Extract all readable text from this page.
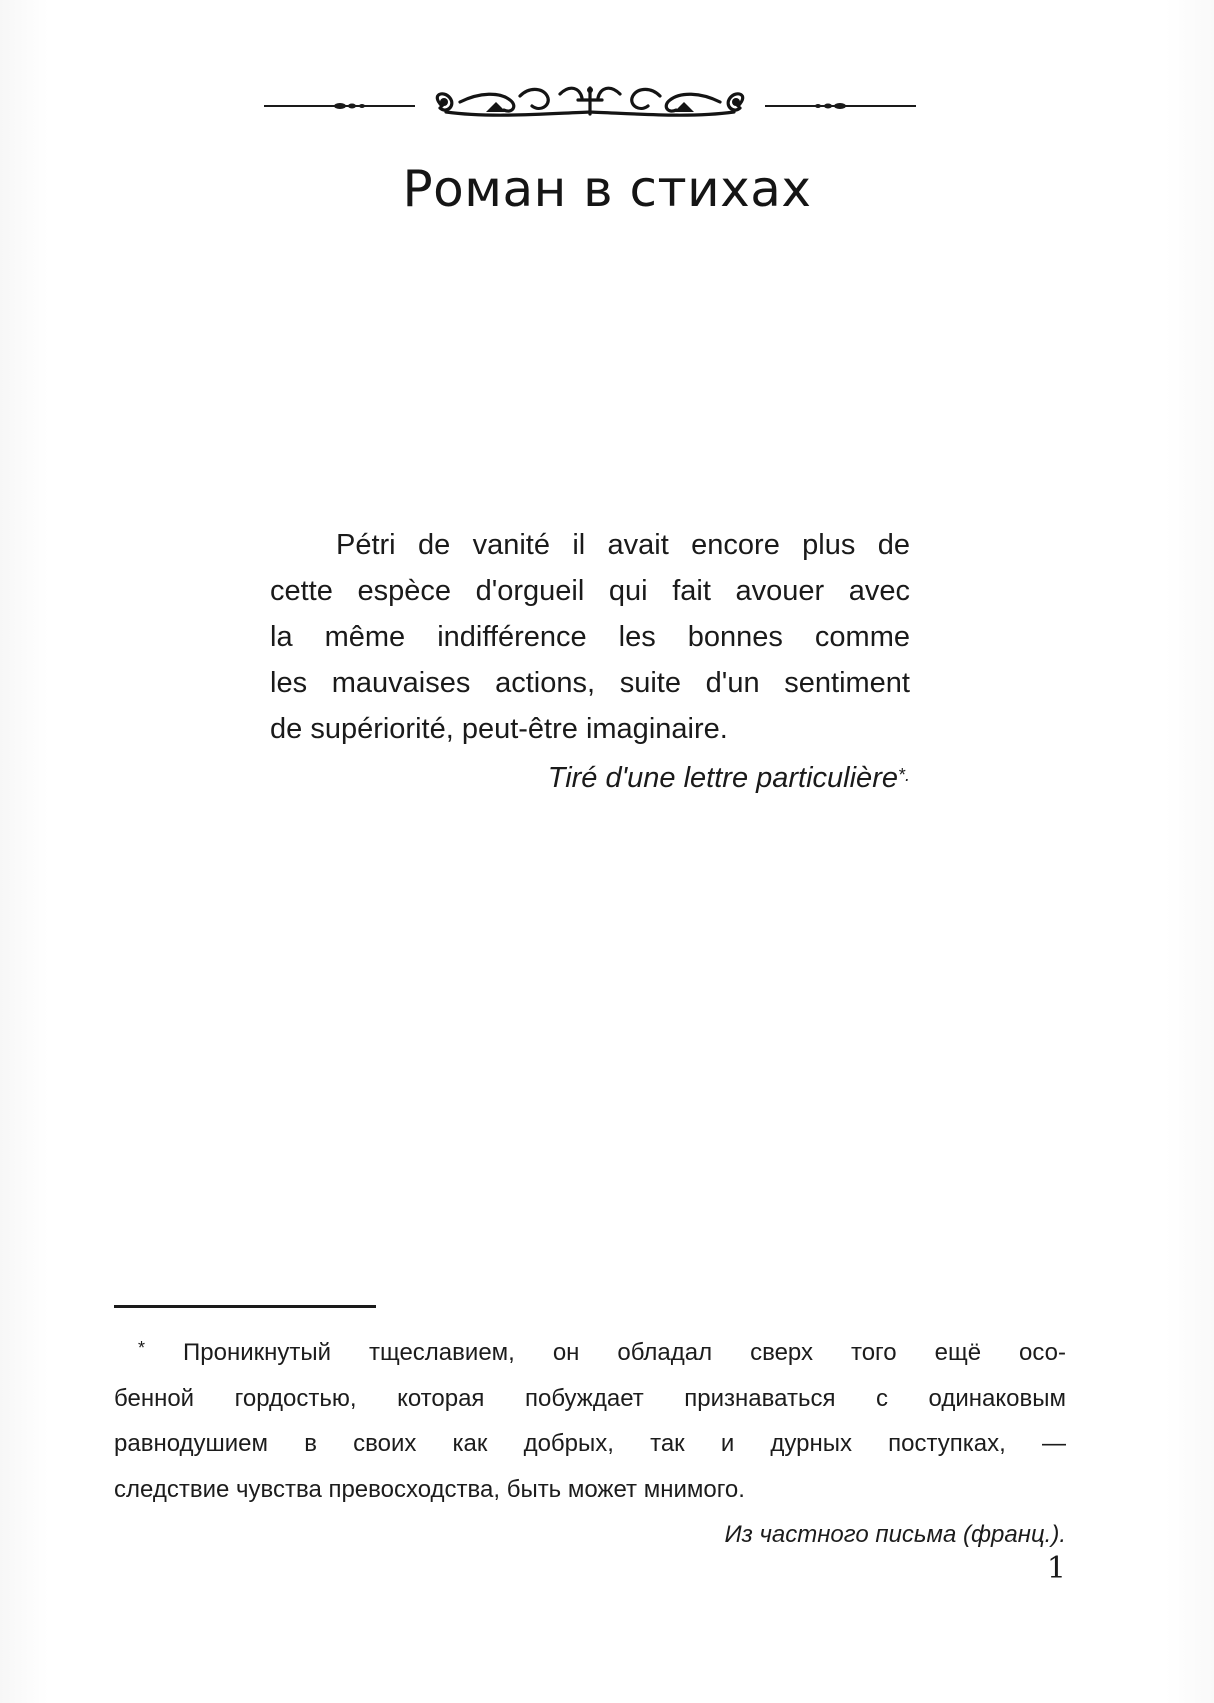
Роман в стихах
Pétri de vanité il avait encore plus de
cette espèce d'orgueil qui fait avouer avec
la même indifférence les bonnes comme
les mauvaises actions, suite d'un sentiment
de supériorité, peut-être imaginaire.
Tiré d'une lettre particulière*.
* Проникнутый тщеславием, он обладал сверх того ещё осо-
бенной гордостью, которая побуждает признаваться с одинаковым
равнодушием в своих как добрых, так и дурных поступках, —
следствие чувства превосходства, быть может мнимого.
Из частного письма (франц.).
1
